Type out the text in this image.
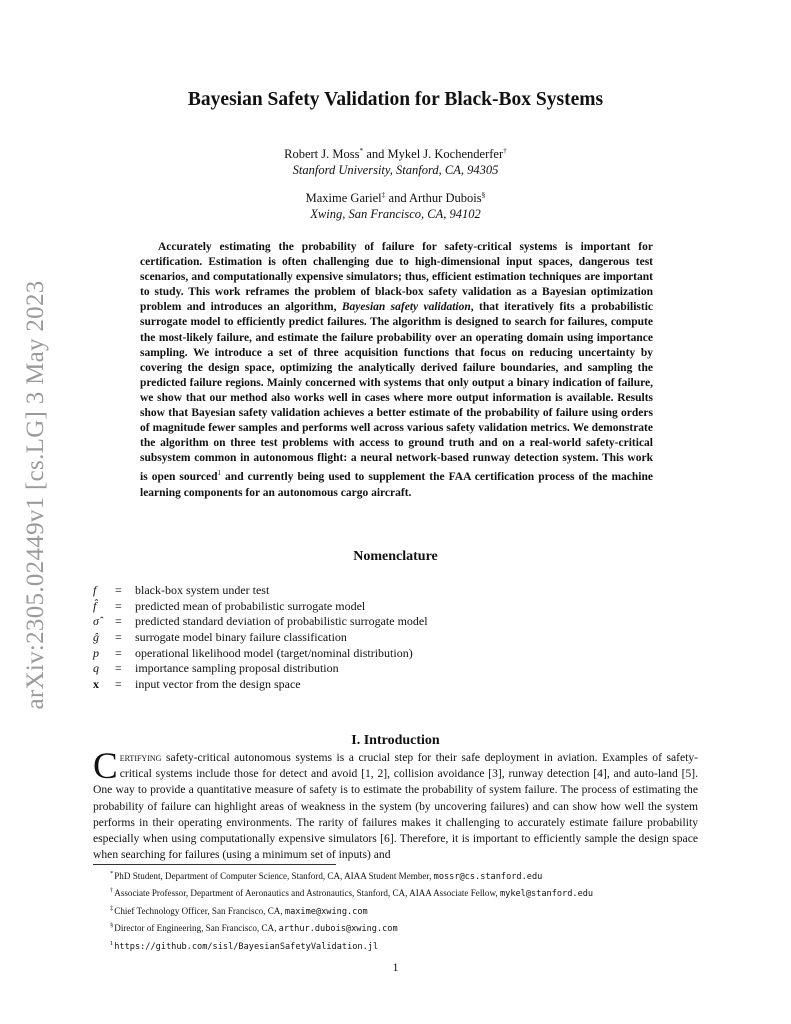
arXiv:2305.02449v1 [cs.LG] 3 May 2023
Bayesian Safety Validation for Black-Box Systems
Robert J. Moss* and Mykel J. Kochenderfer†
Stanford University, Stanford, CA, 94305
Maxime Gariel‡ and Arthur Dubois§
Xwing, San Francisco, CA, 94102

Accurately estimating the probability of failure for safety-critical systems is important for certification. Estimation is often challenging due to high-dimensional input spaces, dangerous test scenarios, and computationally expensive simulators; thus, efficient estimation techniques are important to study. This work reframes the problem of black-box safety validation as a Bayesian optimization problem and introduces an algorithm, Bayesian safety validation, that iteratively fits a probabilistic surrogate model to efficiently predict failures. The algorithm is designed to search for failures, compute the most-likely failure, and estimate the failure probability over an operating domain using importance sampling. We introduce a set of three acquisition functions that focus on reducing uncertainty by covering the design space, optimizing the analytically derived failure boundaries, and sampling the predicted failure regions. Mainly concerned with systems that only output a binary indication of failure, we show that our method also works well in cases where more output information is available. Results show that Bayesian safety validation achieves a better estimate of the probability of failure using orders of magnitude fewer samples and performs well across various safety validation metrics. We demonstrate the algorithm on three test problems with access to ground truth and on a real-world safety-critical subsystem common in autonomous flight: a neural network-based runway detection system. This work is open sourced$^1$ and currently being used to supplement the FAA certification process of the machine learning components for an autonomous cargo aircraft.

Nomenclature
f	=	black-box system under test
f̂	=	predicted mean of probabilistic surrogate model
σ̂	=	predicted standard deviation of probabilistic surrogate model
ĝ	=	surrogate model binary failure classification
p	=	operational likelihood model (target/nominal distribution)
q	=	importance sampling proposal distribution
x	=	input vector from the design space
I. Introduction

Certifying safety-critical autonomous systems is a crucial step for their safe deployment in aviation. Examples of safety-critical systems include those for detect and avoid [1, 2], collision avoidance [3], runway detection [4], and auto-land [5]. One way to provide a quantitative measure of safety is to estimate the probability of system failure. The process of estimating the probability of failure can highlight areas of weakness in the system (by uncovering failures) and can show how well the system performs in their operating environments. The rarity of failures makes it challenging to accurately estimate failure probability especially when using computationally expensive simulators [6]. Therefore, it is important to efficiently sample the design space when searching for failures (using a minimum set of inputs) and

*PhD Student, Department of Computer Science, Stanford, CA, AIAA Student Member, mossr@cs.stanford.edu
†Associate Professor, Department of Aeronautics and Astronautics, Stanford, CA, AIAA Associate Fellow, mykel@stanford.edu
‡Chief Technology Officer, San Francisco, CA, maxime@xwing.com
§Director of Engineering, San Francisco, CA, arthur.dubois@xwing.com
$^1$https://github.com/sisl/BayesianSafetyValidation.jl
1
